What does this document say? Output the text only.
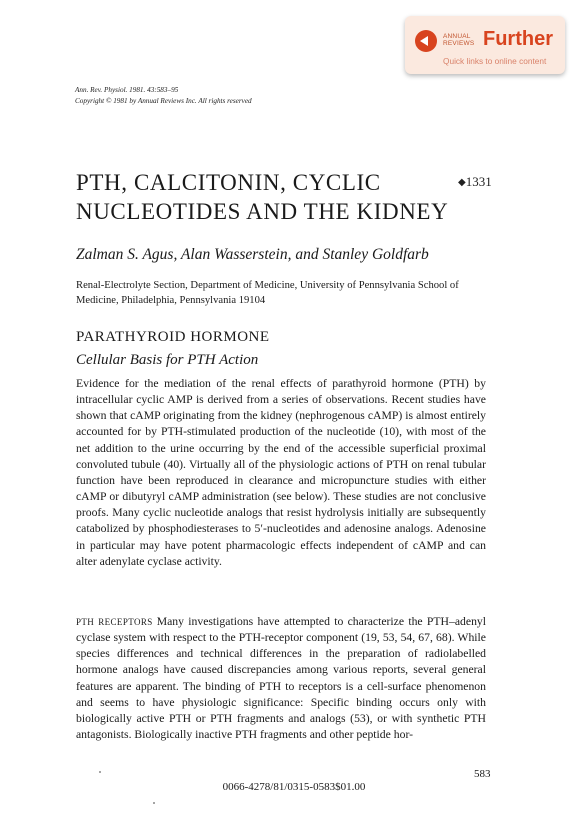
ANNUAL REVIEWS Further
Quick links to online content
Ann. Rev. Physiol. 1981. 43:583–95
Copyright © 1981 by Annual Reviews Inc. All rights reserved
PTH, CALCITONIN, CYCLIC NUCLEOTIDES AND THE KIDNEY
◆1331
Zalman S. Agus, Alan Wasserstein, and Stanley Goldfarb
Renal-Electrolyte Section, Department of Medicine, University of Pennsylvania School of Medicine, Philadelphia, Pennsylvania 19104
PARATHYROID HORMONE
Cellular Basis for PTH Action

Evidence for the mediation of the renal effects of parathyroid hormone (PTH) by intracellular cyclic AMP is derived from a series of observations. Recent studies have shown that cAMP originating from the kidney (nephrogenous cAMP) is almost entirely accounted for by PTH-stimulated production of the nucleotide (10), with most of the net addition to the urine occurring by the end of the accessible superficial proximal convoluted tubule (40). Virtually all of the physiologic actions of PTH on renal tubular function have been reproduced in clearance and micropuncture studies with either cAMP or dibutyryl cAMP administration (see below). These studies are not conclusive proofs. Many cyclic nucleotide analogs that resist hydrolysis initially are subsequently catabolized by phosphodiesterases to 5′-nucleotides and adenosine analogs. Adenosine in particular may have potent pharmacologic effects independent of cAMP and can alter adenylate cyclase activity.

PTH RECEPTORS Many investigations have attempted to characterize the PTH–adenyl cyclase system with respect to the PTH-receptor component (19, 53, 54, 67, 68). While species differences and technical differences in the preparation of radiolabelled hormone analogs have caused discrepancies among various reports, several general features are apparent. The binding of PTH to receptors is a cell-surface phenomenon and seems to have physiologic significance: Specific binding occurs only with biologically active PTH or PTH fragments and analogs (53), or with synthetic PTH antagonists. Biologically inactive PTH fragments and other peptide hor-

583
0066-4278/81/0315-0583$01.00
